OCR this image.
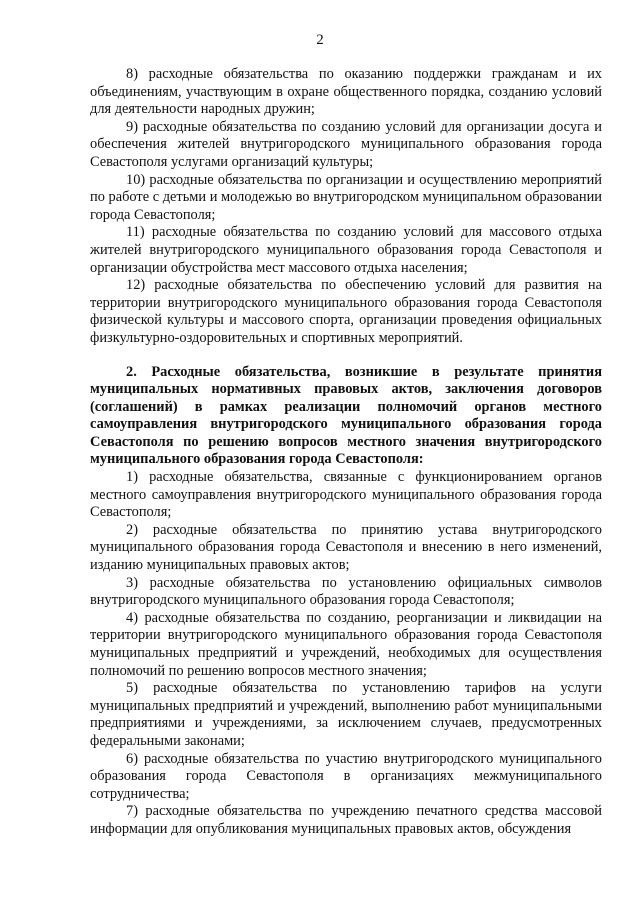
2

8) расходные обязательства по оказанию поддержки гражданам и их объединениям, участвующим в охране общественного порядка, созданию условий для деятельности народных дружин;

9) расходные обязательства по созданию условий для организации досуга и обеспечения жителей внутригородского муниципального образования города Севастополя услугами организаций культуры;

10) расходные обязательства по организации и осуществлению мероприятий по работе с детьми и молодежью во внутригородском муниципальном образовании города Севастополя;

11) расходные обязательства по созданию условий для массового отдыха жителей внутригородского муниципального образования города Севастополя и организации обустройства мест массового отдыха населения;

12) расходные обязательства по обеспечению условий для развития на территории внутригородского муниципального образования города Севастополя физической культуры и массового спорта, организации проведения официальных физкультурно-оздоровительных и спортивных мероприятий.

2. Расходные обязательства, возникшие в результате принятия муниципальных нормативных правовых актов, заключения договоров (соглашений) в рамках реализации полномочий органов местного самоуправления внутригородского муниципального образования города Севастополя по решению вопросов местного значения внутригородского муниципального образования города Севастополя:

1) расходные обязательства, связанные с функционированием органов местного самоуправления внутригородского муниципального образования города Севастополя;

2) расходные обязательства по принятию устава внутригородского муниципального образования города Севастополя и внесению в него изменений, изданию муниципальных правовых актов;

3) расходные обязательства по установлению официальных символов внутригородского муниципального образования города Севастополя;

4) расходные обязательства по созданию, реорганизации и ликвидации на территории внутригородского муниципального образования города Севастополя муниципальных предприятий и учреждений, необходимых для осуществления полномочий по решению вопросов местного значения;

5) расходные обязательства по установлению тарифов на услуги муниципальных предприятий и учреждений, выполнению работ муниципальными предприятиями и учреждениями, за исключением случаев, предусмотренных федеральными законами;

6) расходные обязательства по участию внутригородского муниципального образования города Севастополя в организациях межмуниципального сотрудничества;

7) расходные обязательства по учреждению печатного средства массовой информации для опубликования муниципальных правовых актов, обсуждения
